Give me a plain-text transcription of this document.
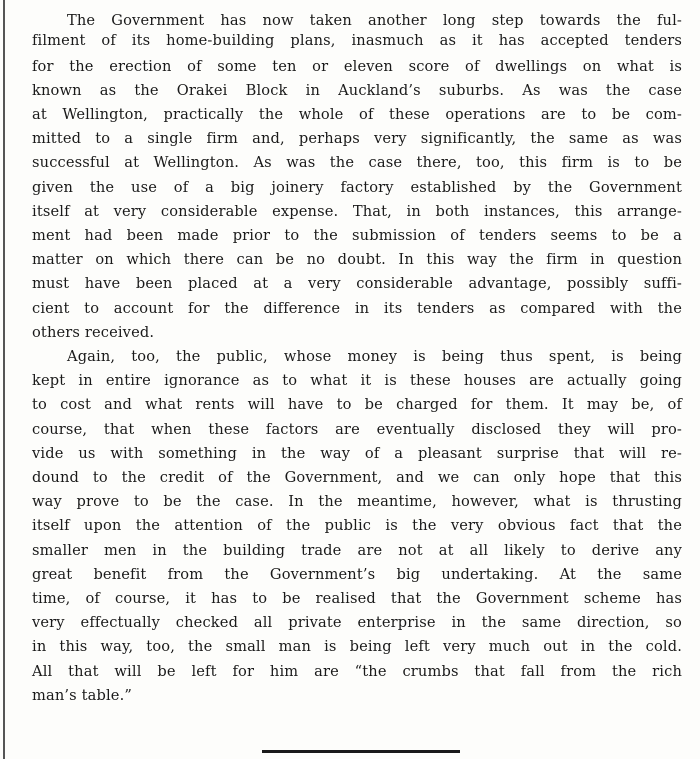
The Government has now taken another long step towards the ful-
filment of its home-building plans, inasmuch as it has accepted tenders
for the erection of some ten or eleven score of dwellings on what is
known as the Orakei Block in Auckland’s suburbs. As was the case
at Wellington, practically the whole of these operations are to be com-
mitted to a single firm and, perhaps very significantly, the same as was
successful at Wellington. As was the case there, too, this firm is to be
given the use of a big joinery factory established by the Government
itself at very considerable expense. That, in both instances, this arrange-
ment had been made prior to the submission of tenders seems to be a
matter on which there can be no doubt. In this way the firm in question
must have been placed at a very considerable advantage, possibly suffi-
cient to account for the difference in its tenders as compared with the
others received.
Again, too, the public, whose money is being thus spent, is being
kept in entire ignorance as to what it is these houses are actually going
to cost and what rents will have to be charged for them. It may be, of
course, that when these factors are eventually disclosed they will pro-
vide us with something in the way of a pleasant surprise that will re-
dound to the credit of the Government, and we can only hope that this
way prove to be the case. In the meantime, however, what is thrusting
itself upon the attention of the public is the very obvious fact that the
smaller men in the building trade are not at all likely to derive any
great benefit from the Government’s big undertaking. At the same
time, of course, it has to be realised that the Government scheme has
very effectually checked all private enterprise in the same direction, so
in this way, too, the small man is being left very much out in the cold.
All that will be left for him are “the crumbs that fall from the rich
man’s table.”
